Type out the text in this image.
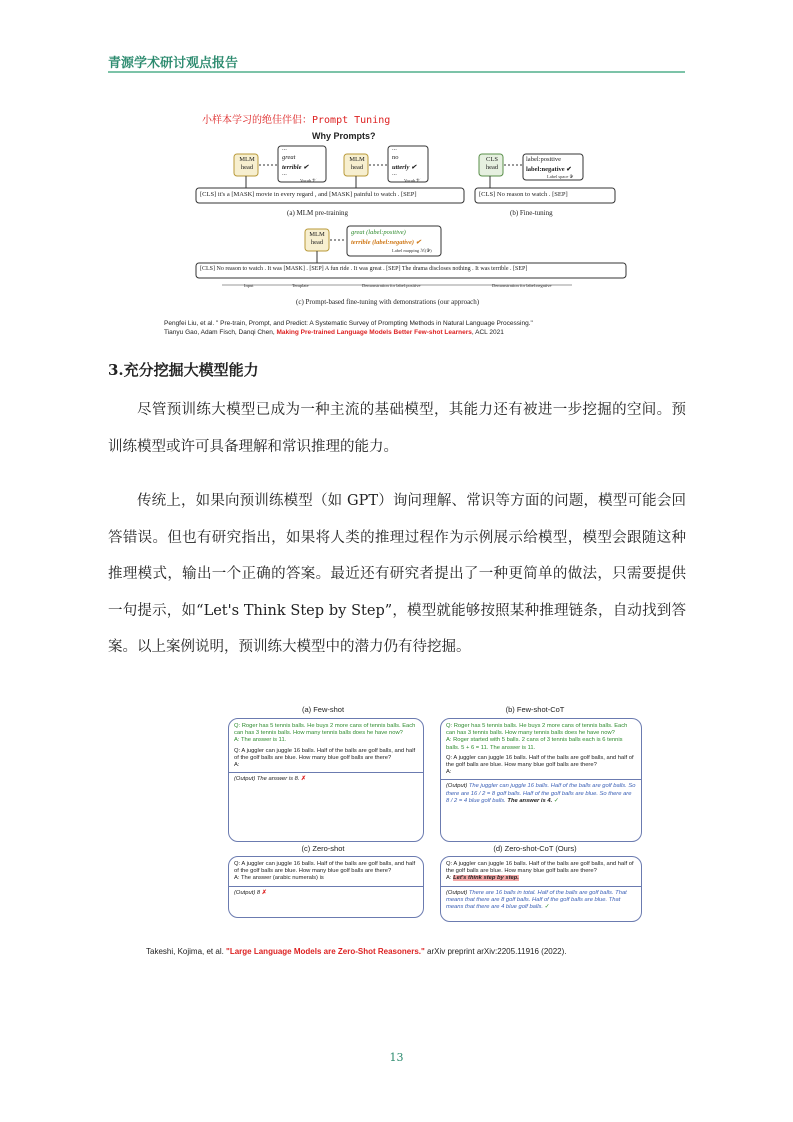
青源学术研讨观点报告
小样本学习的绝佳伴侣：Prompt Tuning
Why Prompts?
MLM head
MLM head
CLS head
...
great
terrible ✔
...
Vocab 𝒱
...
no
utterly ✔
...
Vocab 𝒱
label:positive
label:negative ✔
Label space 𝒴
[CLS] it's a [MASK] movie in every regard , and [MASK] painful to watch . [SEP]	[CLS] No reason to watch . [SEP]
(a) MLM pre-training	(b) Fine-tuning
MLM head
great (label:positive)
terrible (label:negative) ✔
Label mapping ℳ(𝒴)
[CLS] No reason to watch . It was [MASK] . [SEP] A fun ride . It was great . [SEP] The drama discloses nothing . It was terrible . [SEP]
Input	Template	Demonstration for label:positive	Demonstration for label:negative
(c) Prompt-based fine-tuning with demonstrations (our approach)
Pengfei Liu, et al. " Pre-train, Prompt, and Predict: A Systematic Survey of Prompting Methods in Natural Language Processing."
Tianyu Gao, Adam Fisch, Danqi Chen, Making Pre-trained Language Models Better Few-shot Learners, ACL 2021
3.充分挖掘大模型能力
尽管预训练大模型已成为一种主流的基础模型，其能力还有被进一步挖掘的空间。预训练模型或许可具备理解和常识推理的能力。
传统上，如果向预训练模型（如 GPT）询问理解、常识等方面的问题，模型可能会回答错误。但也有研究指出，如果将人类的推理过程作为示例展示给模型，模型会跟随这种推理模式，输出一个正确的答案。最近还有研究者提出了一种更简单的做法，只需要提供一句提示，如“Let's Think Step by Step”，模型就能够按照某种推理链条，自动找到答案。以上案例说明，预训练大模型中的潜力仍有待挖掘。
(a) Few-shot	(b) Few-shot-CoT
Q: Roger has 5 tennis balls. He buys 2 more cans of tennis balls. Each can has 3 tennis balls. How many tennis balls does he have now?
A: The answer is 11.
Q: A juggler can juggle 16 balls. Half of the balls are golf balls, and half of the golf balls are blue. How many blue golf balls are there?
A:
(Output) The answer is 8. ✗
Q: Roger has 5 tennis balls. He buys 2 more cans of tennis balls. Each can has 3 tennis balls. How many tennis balls does he have now?
A: Roger started with 5 balls. 2 cans of 3 tennis balls each is 6 tennis balls. 5 + 6 = 11. The answer is 11.
Q: A juggler can juggle 16 balls. Half of the balls are golf balls, and half of the golf balls are blue. How many blue golf balls are there?
A:
(Output) The juggler can juggle 16 balls. Half of the balls are golf balls. So there are 16 / 2 = 8 golf balls. Half of the golf balls are blue. So there are 8 / 2 = 4 blue golf balls. The answer is 4. ✓
(c) Zero-shot	(d) Zero-shot-CoT (Ours)
Q: A juggler can juggle 16 balls. Half of the balls are golf balls, and half of the golf balls are blue. How many blue golf balls are there?
A: The answer (arabic numerals) is
(Output) 8 ✗
Q: A juggler can juggle 16 balls. Half of the balls are golf balls, and half of the golf balls are blue. How many blue golf balls are there?
A: Let's think step by step.
(Output) There are 16 balls in total. Half of the balls are golf balls. That means that there are 8 golf balls. Half of the golf balls are blue. That means that there are 4 blue golf balls. ✓
Takeshi, Kojima, et al. "Large Language Models are Zero-Shot Reasoners." arXiv preprint arXiv:2205.11916 (2022).
13
